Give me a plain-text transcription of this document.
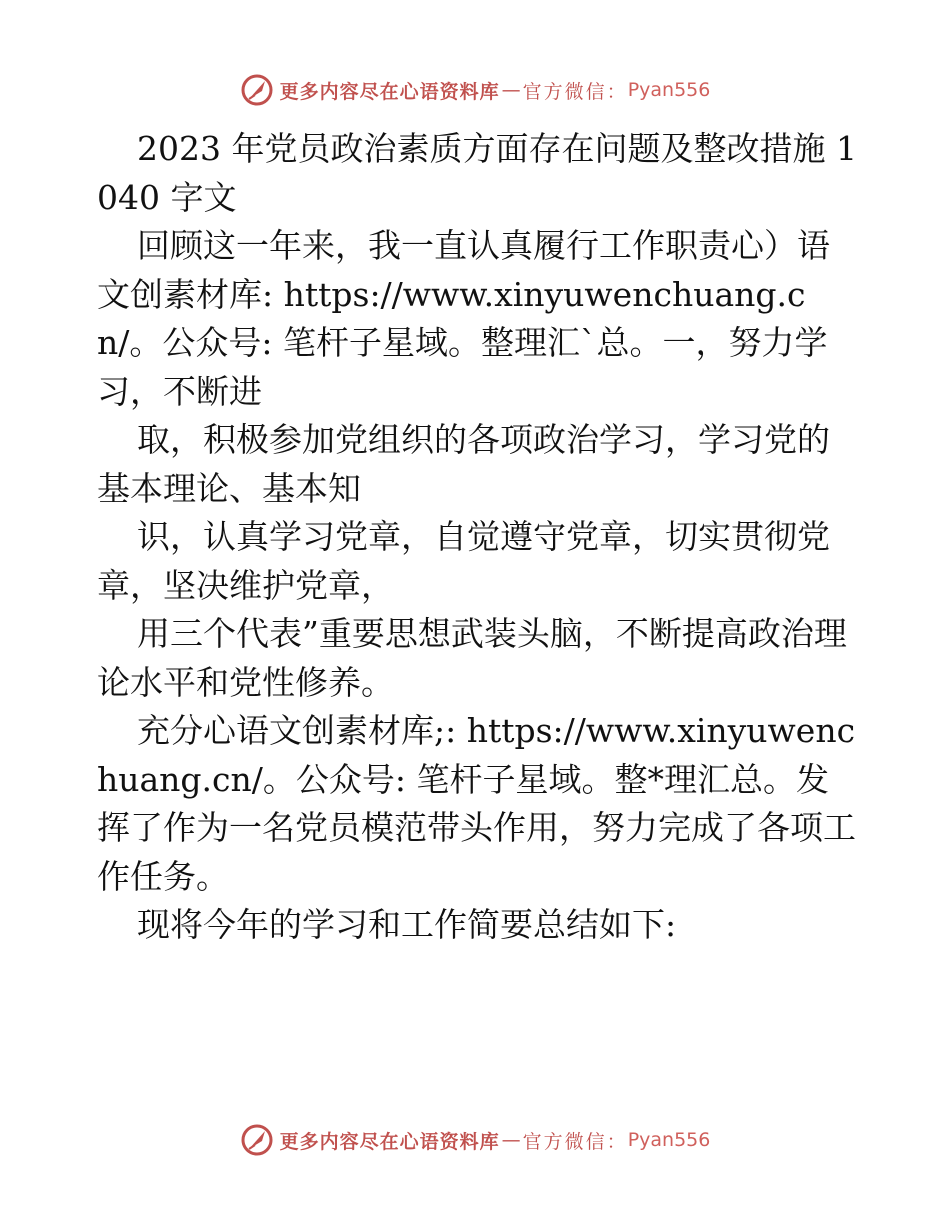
更多内容尽在心语资料库 — 官方微信： Pyan556

2023 年党员政治素质方面存在问题及整改措施 1040 字文

回顾这一年来，我一直认真履行工作职责心）语文创素材库: https://www.xinyuwenchuang.cn/。公众号: 笔杆子星域。整理汇`总。一，努力学习，不断进

取，积极参加党组织的各项政治学习，学习党的基本理论、基本知

识，认真学习党章，自觉遵守党章，切实贯彻党章，坚决维护党章，

用三个代表”重要思想武装头脑，不断提高政治理论水平和党性修养。

充分心语文创素材库;: https://www.xinyuwenchuang.cn/。公众号: 笔杆子星域。整*理汇总。发挥了作为一名党员模范带头作用，努力完成了各项工作任务。

现将今年的学习和工作简要总结如下:

更多内容尽在心语资料库 — 官方微信： Pyan556
